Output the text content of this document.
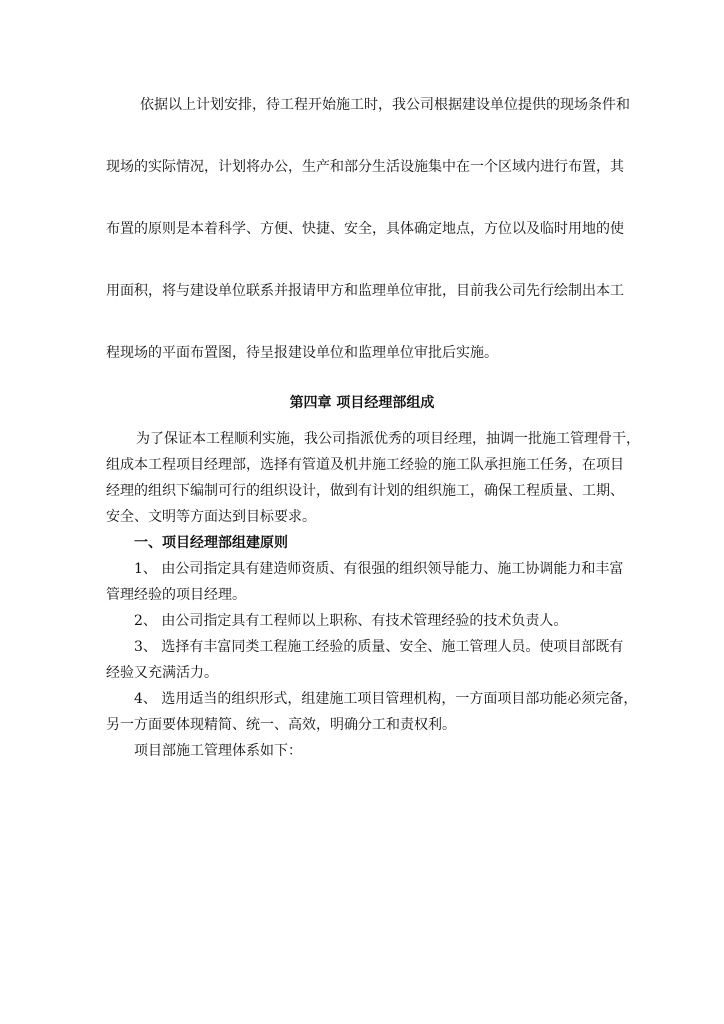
依据以上计划安排，待工程开始施工时，我公司根据建设单位提供的现场条件和
现场的实际情况，计划将办公，生产和部分生活设施集中在一个区域内进行布置，其
布置的原则是本着科学、方便、快捷、安全，具体确定地点，方位以及临时用地的使
用面积，将与建设单位联系并报请甲方和监理单位审批，目前我公司先行绘制出本工
程现场的平面布置图，待呈报建设单位和监理单位审批后实施。
第四章 项目经理部组成
为了保证本工程顺利实施，我公司指派优秀的项目经理，抽调一批施工管理骨干，
组成本工程项目经理部，选择有管道及机井施工经验的施工队承担施工任务，在项目
经理的组织下编制可行的组织设计，做到有计划的组织施工，确保工程质量、工期、
安全、文明等方面达到目标要求。
一、项目经理部组建原则
1、 由公司指定具有建造师资质、有很强的组织领导能力、施工协调能力和丰富
管理经验的项目经理。
2、 由公司指定具有工程师以上职称、有技术管理经验的技术负责人。
3、 选择有丰富同类工程施工经验的质量、安全、施工管理人员。使项目部既有
经验又充满活力。
4、 选用适当的组织形式，组建施工项目管理机构，一方面项目部功能必须完备，
另一方面要体现精简、统一、高效，明确分工和责权利。
项目部施工管理体系如下：
